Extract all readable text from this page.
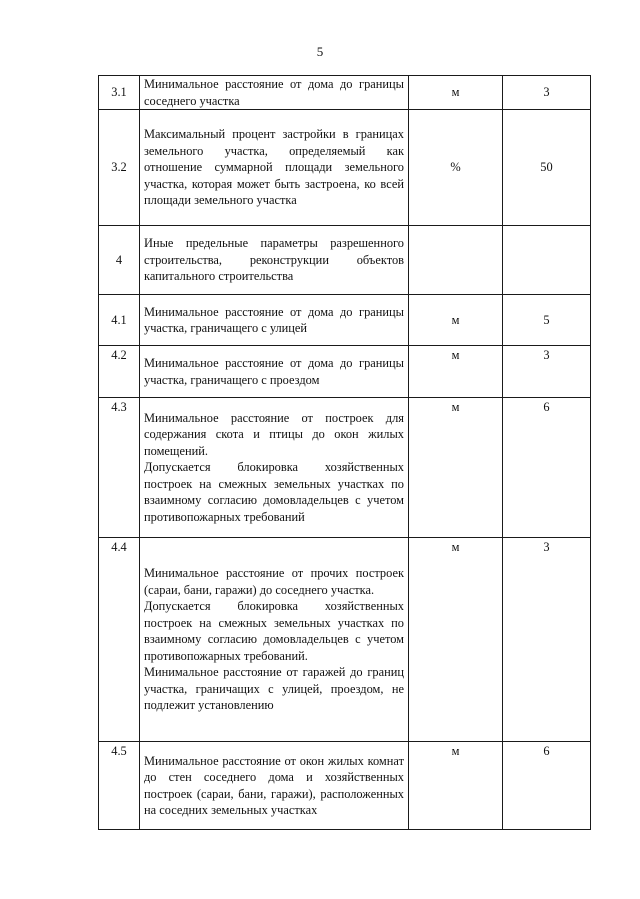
5
3.1	Минимальное расстояние от дома до границы соседнего участка	м	3
3.2	Максимальный процент застройки в границах земельного участка, определяемый как отношение суммарной площади земельного участка, которая может быть застроена, ко всей площади земельного участка	%	50
4	Иные предельные параметры разрешенного строительства, реконструкции объектов капитального строительства		

4.1	Минимальное расстояние от дома до границы участка, граничащего с улицей	м	5
4.2	Минимальное расстояние от дома до границы участка, граничащего с проездом	м	3
4.3	Минимальное расстояние от построек для содержания скота и птицы до окон жилых помещений.

Допускается блокировка хозяйственных построек на смежных земельных участках по взаимному согласию домовладельцев с учетом противопожарных требований	м	6
4.4	Минимальное расстояние от прочих построек (сараи, бани, гаражи) до соседнего участка.

Допускается блокировка хозяйственных построек на смежных земельных участках по взаимному согласию домовладельцев с учетом противопожарных требований.

Минимальное расстояние от гаражей до границ участка, граничащих с улицей, проездом, не подлежит установлению	м	3
4.5	Минимальное расстояние от окон жилых комнат до стен соседнего дома и хозяйственных построек (сараи, бани, гаражи), расположенных на соседних земельных участках	м	6
